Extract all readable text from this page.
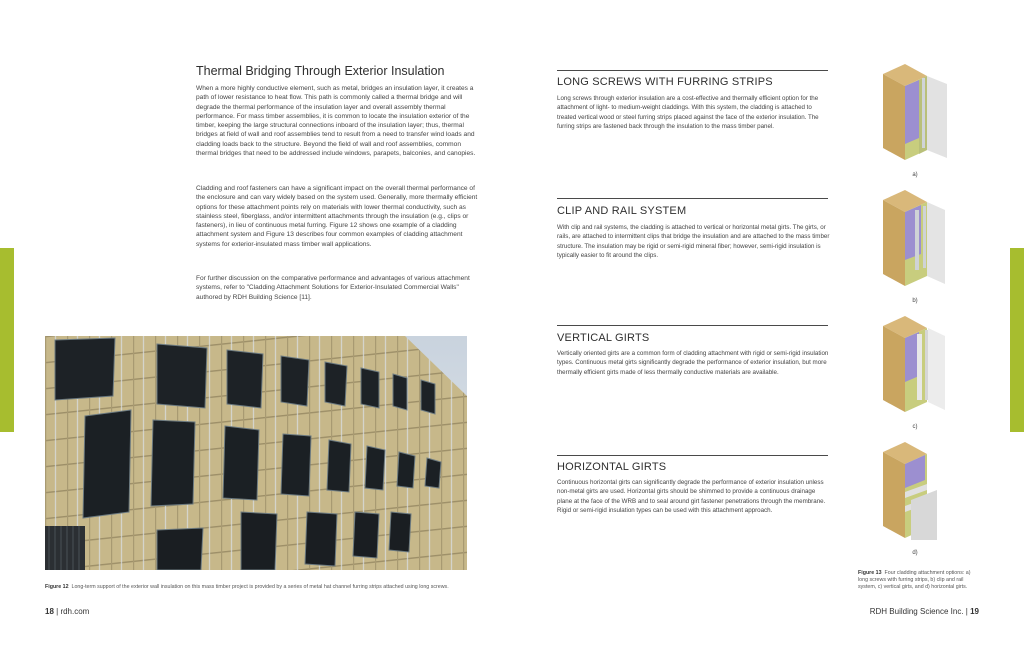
Thermal Bridging Through Exterior Insulation

When a more highly conductive element, such as metal, bridges an insulation layer, it creates a path of lower resistance to heat flow. This path is commonly called a thermal bridge and will degrade the thermal performance of the insulation layer and overall assembly thermal performance. For mass timber assemblies, it is common to locate the insulation exterior of the timber, keeping the large structural connections inboard of the insulation layer; thus, thermal bridges at field of wall and roof assemblies tend to result from a need to transfer wind loads and cladding loads back to the structure. Beyond the field of wall and roof assemblies, common thermal bridges that need to be addressed include windows, parapets, balconies, and canopies.

Cladding and roof fasteners can have a significant impact on the overall thermal performance of the enclosure and can vary widely based on the system used. Generally, more thermally efficient options for these attachment points rely on materials with lower thermal conductivity, such as stainless steel, fiberglass, and/or intermittent attachments through the insulation (e.g., clips or fasteners), in lieu of continuous metal furring. Figure 12 shows one example of a cladding attachment system and Figure 13 describes four common examples of cladding attachment systems for exterior-insulated mass timber wall applications.

For further discussion on the comparative performance and advantages of various attachment systems, refer to "Cladding Attachment Solutions for Exterior-Insulated Commercial Walls" authored by RDH Building Science [11].

Figure 12 Long-term support of the exterior wall insulation on this mass timber project is provided by a series of metal hat channel furring strips attached using long screws.

18 | rdh.com
LONG SCREWS WITH FURRING STRIPS

Long screws through exterior insulation are a cost-effective and thermally efficient option for the attachment of light- to medium-weight claddings. With this system, the cladding is attached to treated vertical wood or steel furring strips placed against the face of the exterior insulation. The furring strips are fastened back through the insulation to the mass timber panel.

CLIP AND RAIL SYSTEM

With clip and rail systems, the cladding is attached to vertical or horizontal metal girts. The girts, or rails, are attached to intermittent clips that bridge the insulation and are attached to the mass timber structure. The insulation may be rigid or semi-rigid mineral fiber; however, semi-rigid insulation is typically easier to fit around the clips.

VERTICAL GIRTS

Vertically oriented girts are a common form of cladding attachment with rigid or semi-rigid insulation types. Continuous metal girts significantly degrade the performance of exterior insulation, but more thermally efficient girts made of less thermally conductive materials are available.

HORIZONTAL GIRTS

Continuous horizontal girts can significantly degrade the performance of exterior insulation unless non-metal girts are used. Horizontal girts should be shimmed to provide a continuous drainage plane at the face of the WRB and to seal around girt fastener penetrations through the membrane. Rigid or semi-rigid insulation types can be used with this attachment approach.

a)
b)
c)
d)

Figure 13 Four cladding attachment options: a) long screws with furring strips, b) clip and rail system, c) vertical girts, and d) horizontal girts.

RDH Building Science Inc. | 19
